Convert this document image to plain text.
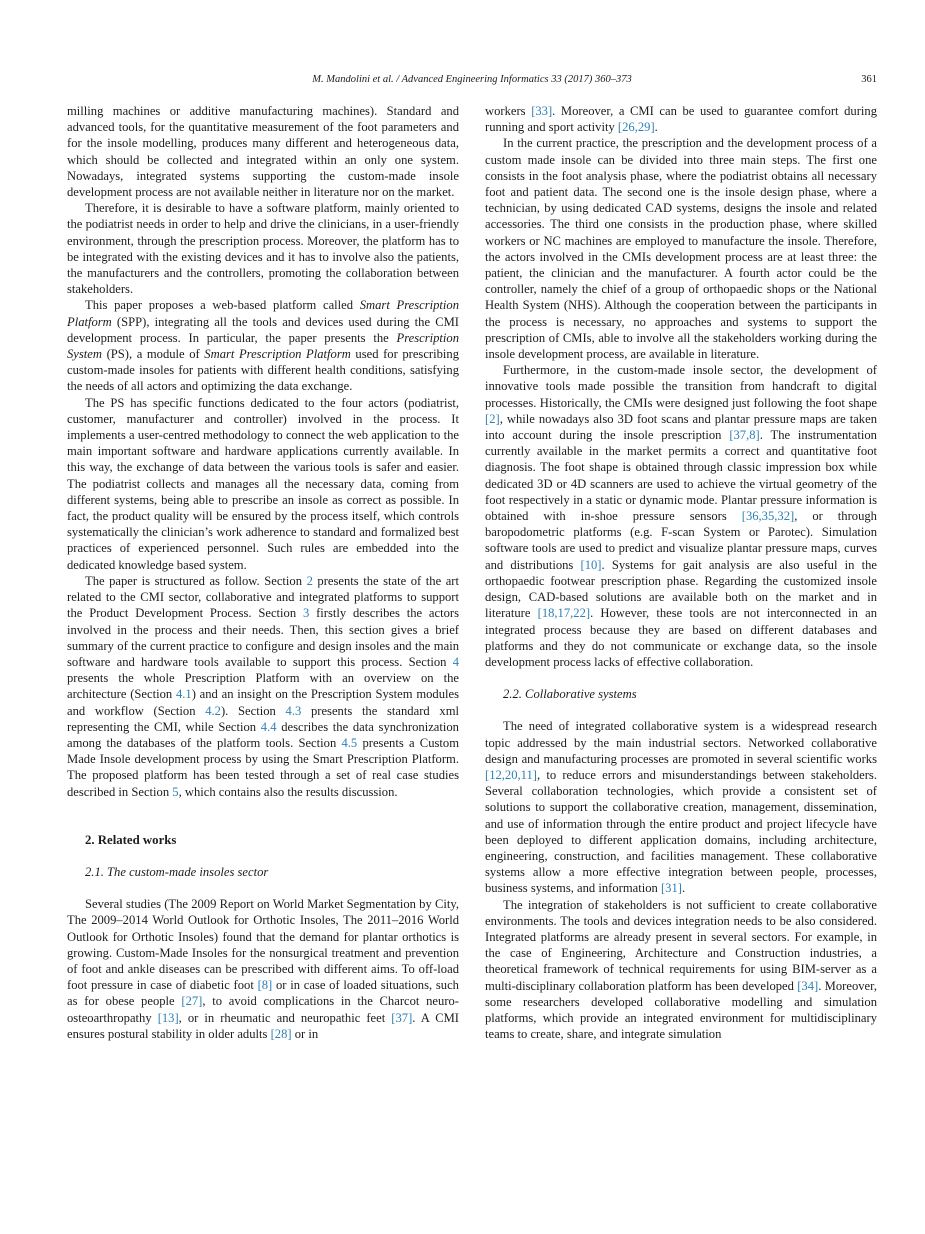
M. Mandolini et al. / Advanced Engineering Informatics 33 (2017) 360–373	361

milling machines or additive manufacturing machines). Standard and advanced tools, for the quantitative measurement of the foot parameters and for the insole modelling, produces many different and heterogeneous data, which should be collected and integrated within an only one system. Nowadays, integrated systems supporting the custom-made insole development process are not available neither in literature nor on the market.

Therefore, it is desirable to have a software platform, mainly oriented to the podiatrist needs in order to help and drive the clinicians, in a user-friendly environment, through the prescription process. Moreover, the platform has to be integrated with the existing devices and it has to involve also the patients, the manufacturers and the controllers, promoting the collaboration between stakeholders.

This paper proposes a web-based platform called Smart Prescription Platform (SPP), integrating all the tools and devices used during the CMI development process. In particular, the paper presents the Prescription System (PS), a module of Smart Prescription Platform used for prescribing custom-made insoles for patients with different health conditions, satisfying the needs of all actors and optimizing the data exchange.

The PS has specific functions dedicated to the four actors (podiatrist, customer, manufacturer and controller) involved in the process. It implements a user-centred methodology to connect the web application to the main important software and hardware applications currently available. In this way, the exchange of data between the various tools is safer and easier. The podiatrist collects and manages all the necessary data, coming from different systems, being able to prescribe an insole as correct as possible. In fact, the product quality will be ensured by the process itself, which controls systematically the clinician’s work adherence to standard and formalized best practices of experienced personnel. Such rules are embedded into the dedicated knowledge based system.

The paper is structured as follow. Section 2 presents the state of the art related to the CMI sector, collaborative and integrated platforms to support the Product Development Process. Section 3 firstly describes the actors involved in the process and their needs. Then, this section gives a brief summary of the current practice to configure and design insoles and the main software and hardware tools available to support this process. Section 4 presents the whole Prescription Platform with an overview on the architecture (Section 4.1) and an insight on the Prescription System modules and workflow (Section 4.2). Section 4.3 presents the standard xml representing the CMI, while Section 4.4 describes the data synchronization among the databases of the platform tools. Section 4.5 presents a Custom Made Insole development process by using the Smart Prescription Platform. The proposed platform has been tested through a set of real case studies described in Section 5, which contains also the results discussion.

2. Related works

2.1. The custom-made insoles sector

Several studies (The 2009 Report on World Market Segmentation by City, The 2009–2014 World Outlook for Orthotic Insoles, The 2011–2016 World Outlook for Orthotic Insoles) found that the demand for plantar orthotics is growing. Custom-Made Insoles for the nonsurgical treatment and prevention of foot and ankle diseases can be prescribed with different aims. To off-load foot pressure in case of diabetic foot [8] or in case of loaded situations, such as for obese people [27], to avoid complications in the Charcot neuro-osteoarthropathy [13], or in rheumatic and neuropathic feet [37]. A CMI ensures postural stability in older adults [28] or in

workers [33]. Moreover, a CMI can be used to guarantee comfort during running and sport activity [26,29].

In the current practice, the prescription and the development process of a custom made insole can be divided into three main steps. The first one consists in the foot analysis phase, where the podiatrist obtains all necessary foot and patient data. The second one is the insole design phase, where a technician, by using dedicated CAD systems, designs the insole and related accessories. The third one consists in the production phase, where skilled workers or NC machines are employed to manufacture the insole. Therefore, the actors involved in the CMIs development process are at least three: the patient, the clinician and the manufacturer. A fourth actor could be the controller, namely the chief of a group of orthopaedic shops or the National Health System (NHS). Although the cooperation between the participants in the process is necessary, no approaches and systems to support the prescription of CMIs, able to involve all the stakeholders working during the insole development process, are available in literature.

Furthermore, in the custom-made insole sector, the development of innovative tools made possible the transition from handcraft to digital processes. Historically, the CMIs were designed just following the foot shape [2], while nowadays also 3D foot scans and plantar pressure maps are taken into account during the insole prescription [37,8]. The instrumentation currently available in the market permits a correct and quantitative foot diagnosis. The foot shape is obtained through classic impression box while dedicated 3D or 4D scanners are used to achieve the virtual geometry of the foot respectively in a static or dynamic mode. Plantar pressure information is obtained with in-shoe pressure sensors [36,35,32], or through baropodometric platforms (e.g. F-scan System or Parotec). Simulation software tools are used to predict and visualize plantar pressure maps, curves and distributions [10]. Systems for gait analysis are also useful in the orthopaedic footwear prescription phase. Regarding the customized insole design, CAD-based solutions are available both on the market and in literature [18,17,22]. However, these tools are not interconnected in an integrated process because they are based on different databases and platforms and they do not communicate or exchange data, so the insole development process lacks of effective collaboration.

2.2. Collaborative systems

The need of integrated collaborative system is a widespread research topic addressed by the main industrial sectors. Networked collaborative design and manufacturing processes are promoted in several scientific works [12,20,11], to reduce errors and misunderstandings between stakeholders. Several collaboration technologies, which provide a consistent set of solutions to support the collaborative creation, management, dissemination, and use of information through the entire product and project lifecycle have been deployed to different application domains, including architecture, engineering, construction, and facilities management. These collaborative systems allow a more effective integration between people, processes, business systems, and information [31].

The integration of stakeholders is not sufficient to create collaborative environments. The tools and devices integration needs to be also considered. Integrated platforms are already present in several sectors. For example, in the case of Engineering, Architecture and Construction industries, a theoretical framework of technical requirements for using BIM-server as a multi-disciplinary collaboration platform has been developed [34]. Moreover, some researchers developed collaborative modelling and simulation platforms, which provide an integrated environment for multidisciplinary teams to create, share, and integrate simulation
